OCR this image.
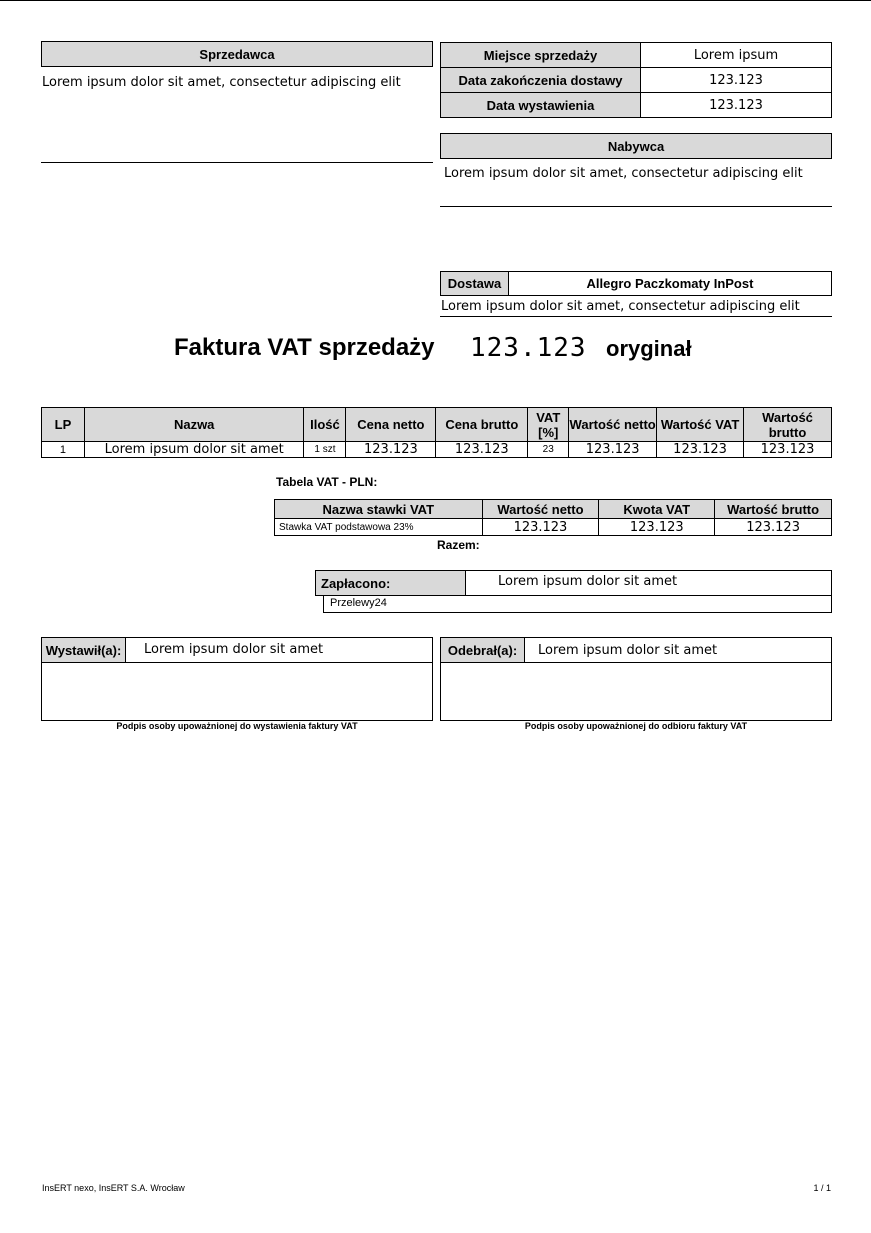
Sprzedawca
Lorem ipsum dolor sit amet, consectetur adipiscing elit
Miejsce sprzedaży	Lorem ipsum
Data zakończenia dostawy	123.123
Data wystawienia	123.123
Nabywca
Lorem ipsum dolor sit amet, consectetur adipiscing elit
Dostawa	Allegro Paczkomaty InPost
Lorem ipsum dolor sit amet, consectetur adipiscing elit
Faktura VAT sprzedaży 123.123 oryginał
LP	Nazwa	Ilość	Cena netto	Cena brutto	VAT [%]	Wartość netto	Wartość VAT	Wartość brutto
1	Lorem ipsum dolor sit amet	1 szt	123.123	123.123	23	123.123	123.123	123.123
Tabela VAT - PLN:
Nazwa stawki VAT	Wartość netto	Kwota VAT	Wartość brutto
Stawka VAT podstawowa 23%	123.123	123.123	123.123
Razem:
Zapłacono:	Lorem ipsum dolor sit amet
Przelewy24
Wystawił(a):	Lorem ipsum dolor sit amet
Podpis osoby upoważnionej do wystawienia faktury VAT
Odebrał(a):	Lorem ipsum dolor sit amet
Podpis osoby upoważnionej do odbioru faktury VAT
InsERT nexo, InsERT S.A. Wrocław	1 / 1
